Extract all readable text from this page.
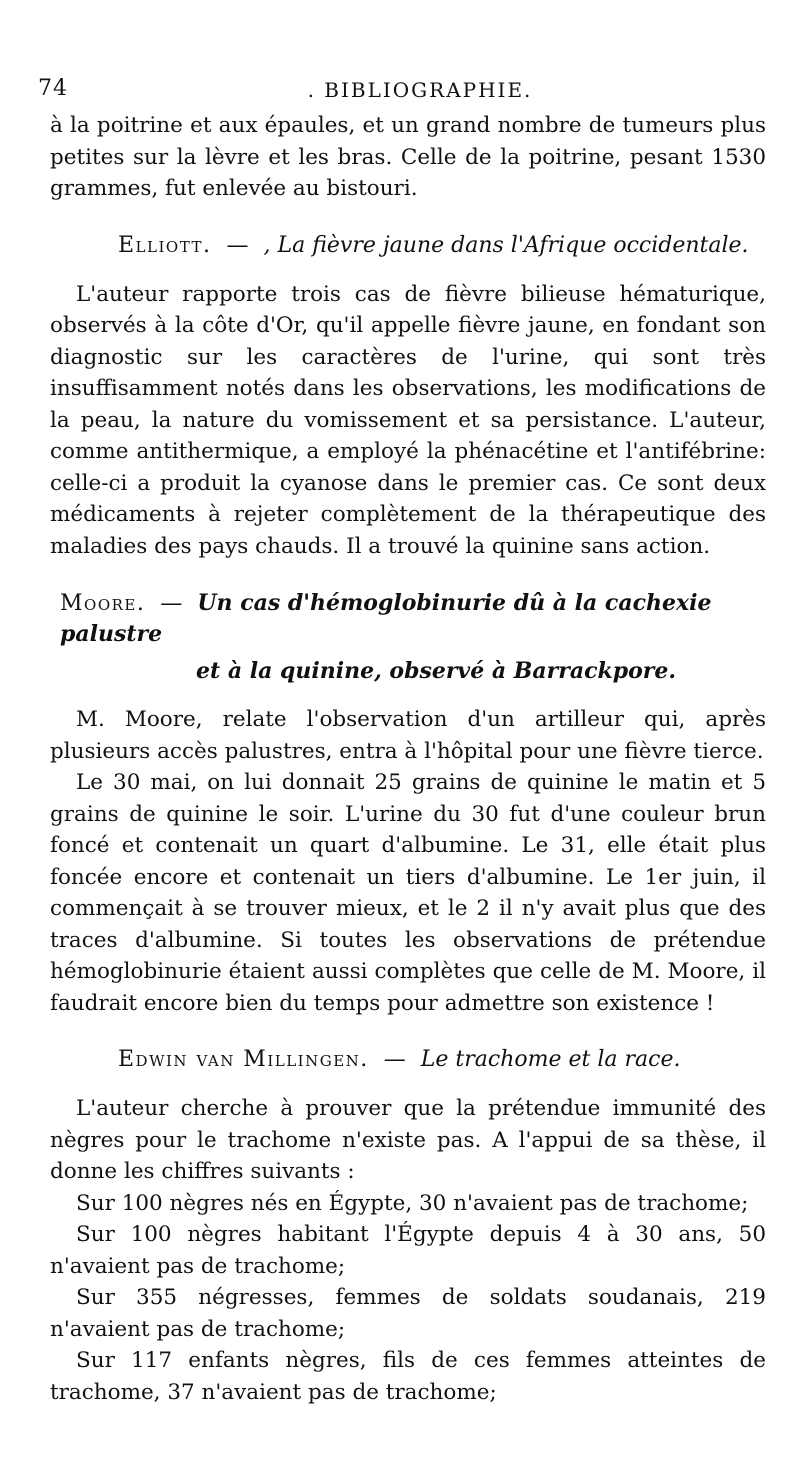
74	. BIBLIOGRAPHIE.

à la poitrine et aux épaules, et un grand nombre de tumeurs plus petites sur la lèvre et les bras. Celle de la poitrine, pesant 1530 grammes, fut enlevée au bistouri.

Elliott. — , La fièvre jaune dans l'Afrique occidentale.

L'auteur rapporte trois cas de fièvre bilieuse hématurique, observés à la côte d'Or, qu'il appelle fièvre jaune, en fondant son diagnostic sur les caractères de l'urine, qui sont très insuffisamment notés dans les observations, les modifications de la peau, la nature du vomissement et sa persistance. L'auteur, comme antithermique, a employé la phénacétine et l'antifébrine: celle-ci a produit la cyanose dans le premier cas. Ce sont deux médicaments à rejeter complètement de la thérapeutique des maladies des pays chauds. Il a trouvé la quinine sans action.

Moore. — Un cas d'hémoglobinurie dû à la cachexie palustre
et à la quinine, observé à Barrackpore.

M. Moore, relate l'observation d'un artilleur qui, après plusieurs accès palustres, entra à l'hôpital pour une fièvre tierce.

Le 30 mai, on lui donnait 25 grains de quinine le matin et 5 grains de quinine le soir. L'urine du 30 fut d'une couleur brun foncé et contenait un quart d'albumine. Le 31, elle était plus foncée encore et contenait un tiers d'albumine. Le 1er juin, il commençait à se trouver mieux, et le 2 il n'y avait plus que des traces d'albumine. Si toutes les observations de prétendue hémoglobinurie étaient aussi complètes que celle de M. Moore, il faudrait encore bien du temps pour admettre son existence !

Edwin van Millingen. — Le trachome et la race.

L'auteur cherche à prouver que la prétendue immunité des nègres pour le trachome n'existe pas. A l'appui de sa thèse, il donne les chiffres suivants :

Sur 100 nègres nés en Égypte, 30 n'avaient pas de trachome;

Sur 100 nègres habitant l'Égypte depuis 4 à 30 ans, 50 n'avaient pas de trachome;

Sur 355 négresses, femmes de soldats soudanais, 219 n'avaient pas de trachome;

Sur 117 enfants nègres, fils de ces femmes atteintes de trachome, 37 n'avaient pas de trachome;
